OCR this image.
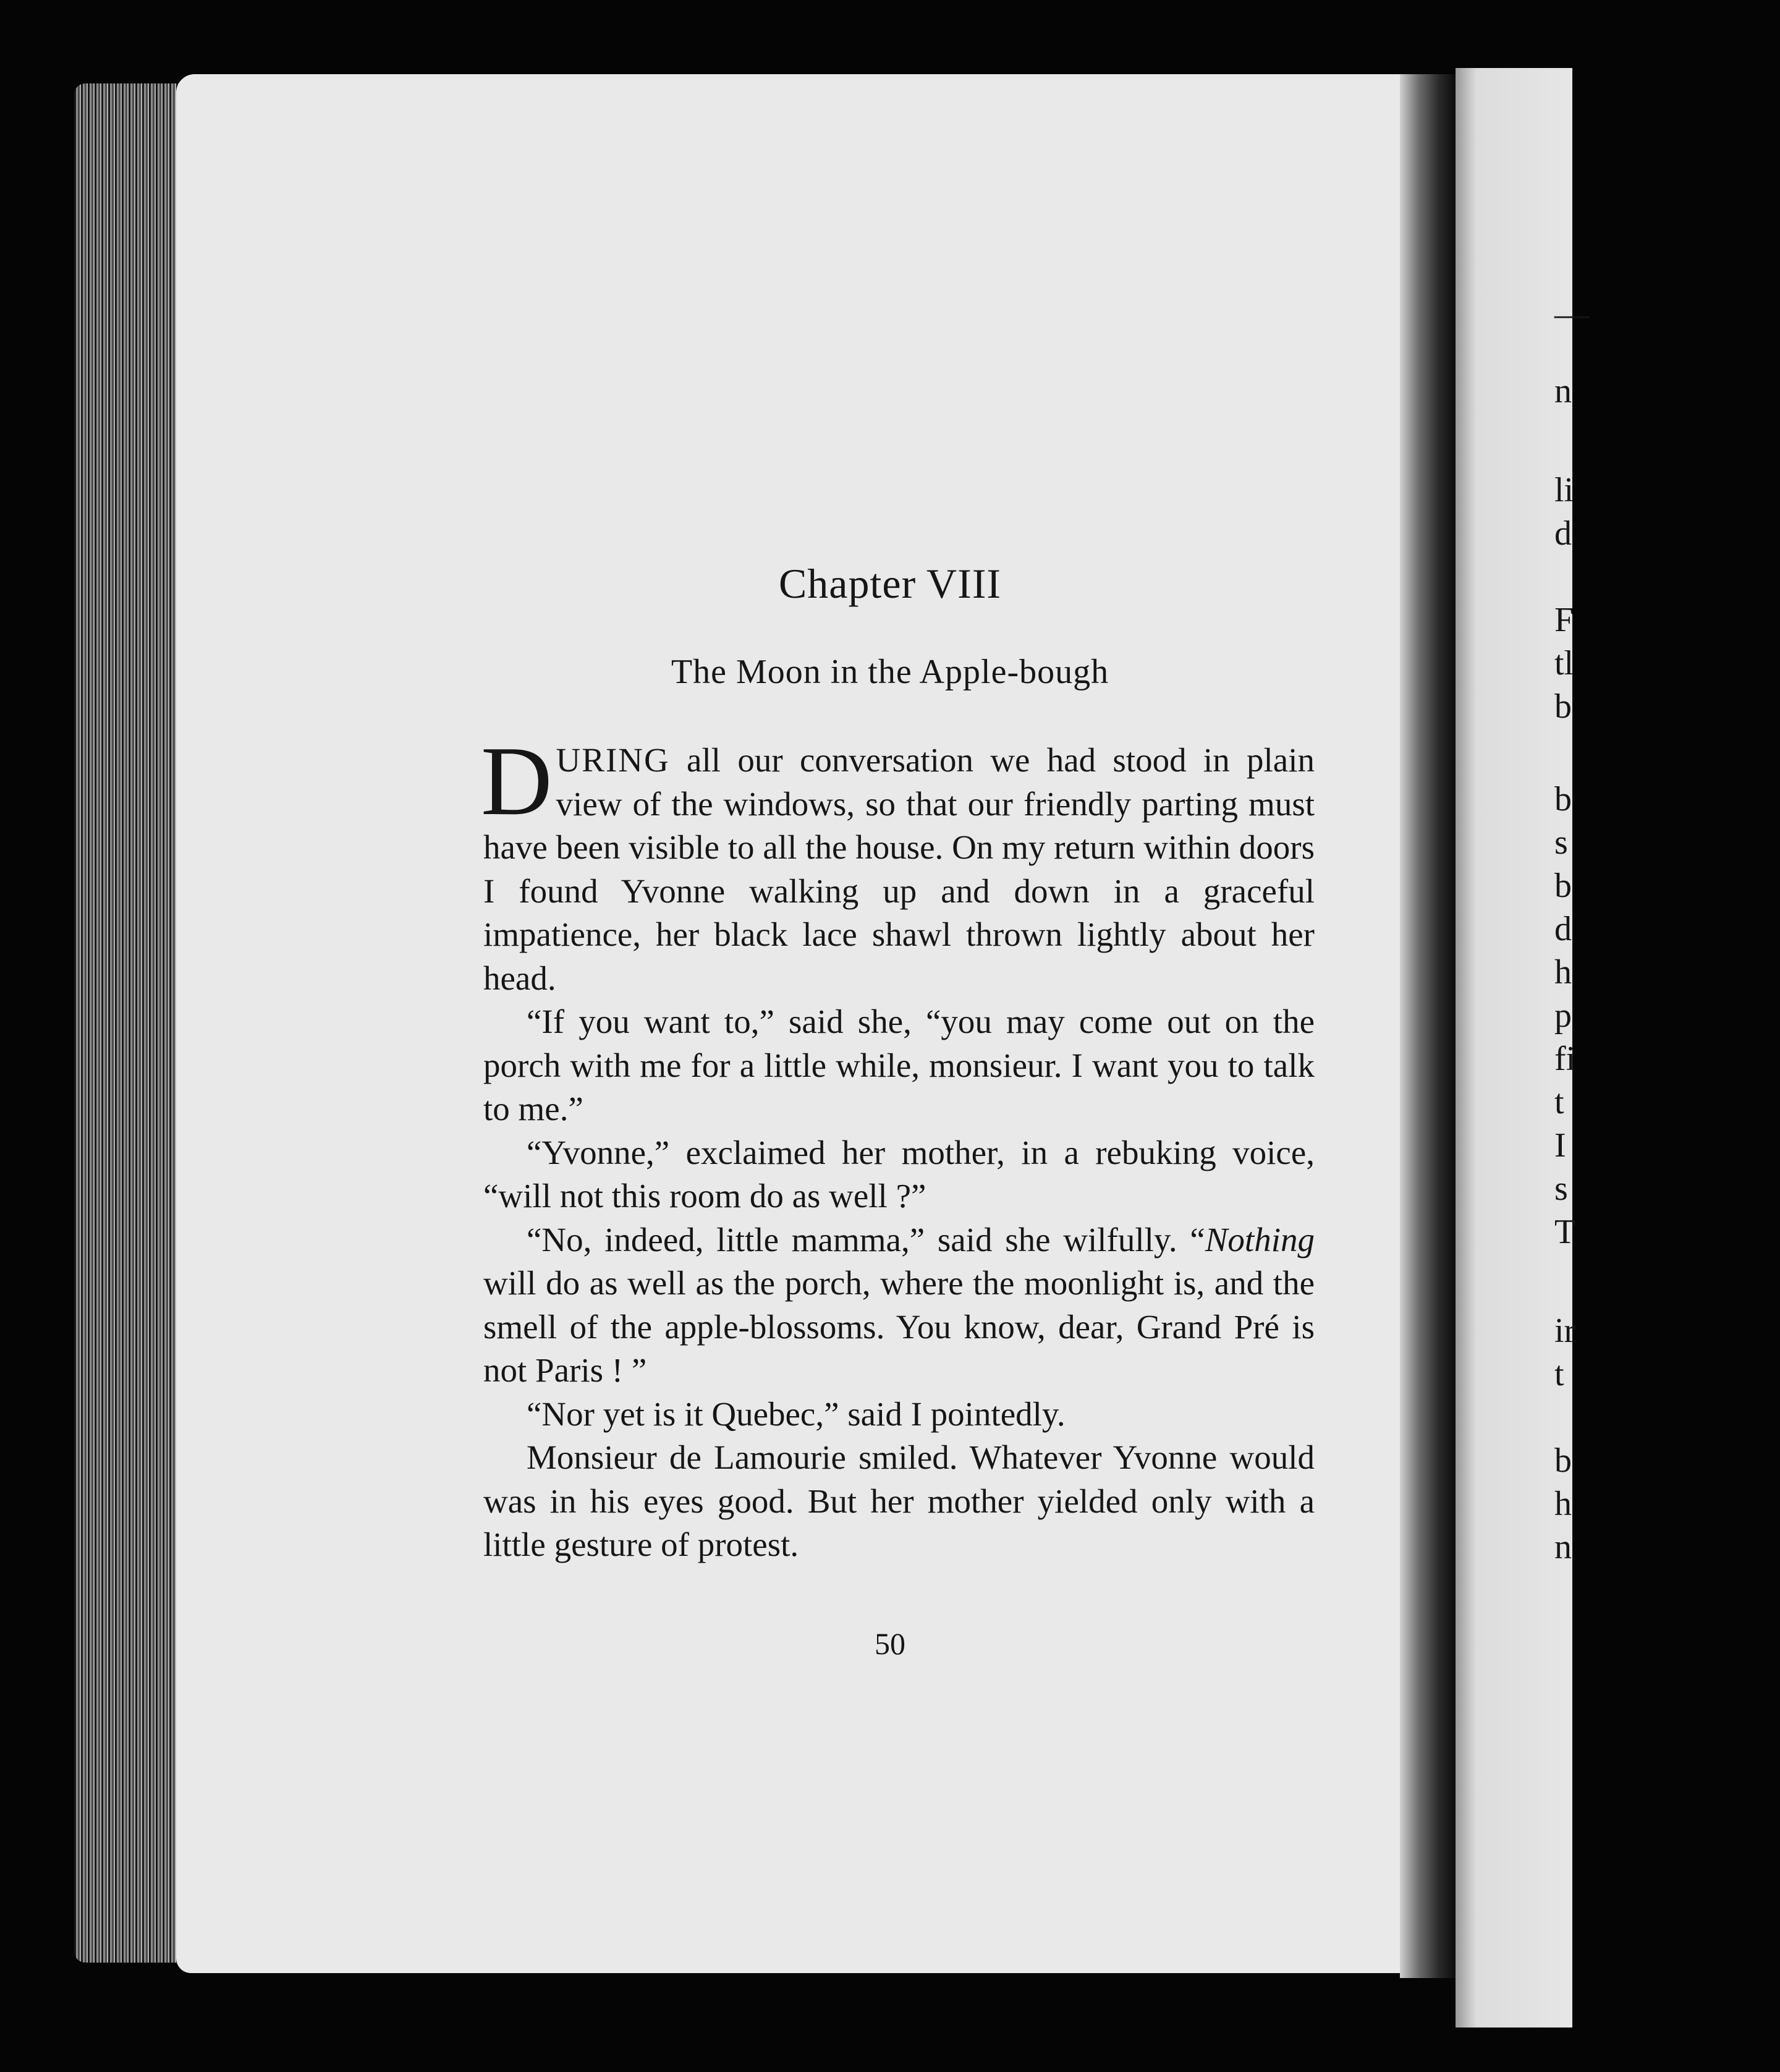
—
n
li
d
F
tl
b
b
s
b
d
h
p
fi
t
I
s
T
ir
t
b
h
n
Chapter VIII
The Moon in the Apple-bough

DURING all our conversation we had stood in plain view of the windows, so that our friendly parting must have been visible to all the house. On my return within doors I found Yvonne walking up and down in a graceful impatience, her black lace shawl thrown lightly about her head.

“If you want to,” said she, “you may come out on the porch with me for a little while, monsieur. I want you to talk to me.”

“Yvonne,” exclaimed her mother, in a rebuking voice, “will not this room do as well ?”

“No, indeed, little mamma,” said she wilfully. “Nothing will do as well as the porch, where the moonlight is, and the smell of the apple-blossoms. You know, dear, Grand Pré is not Paris ! ”

“Nor yet is it Quebec,” said I pointedly.

Monsieur de Lamourie smiled. Whatever Yvonne would was in his eyes good. But her mother yielded only with a little gesture of protest.

50
